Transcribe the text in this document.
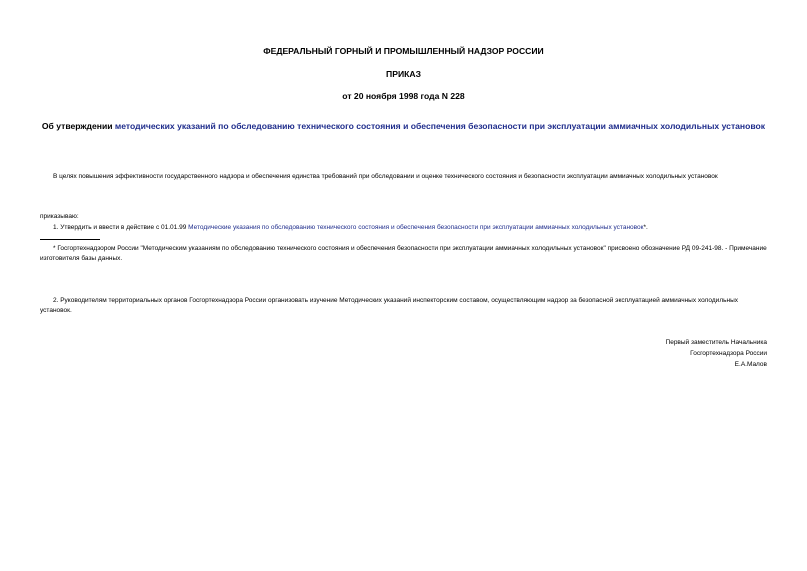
ФЕДЕРАЛЬНЫЙ ГОРНЫЙ И ПРОМЫШЛЕННЫЙ НАДЗОР РОССИИ
ПРИКАЗ
от 20 ноября 1998 года N 228
Об утверждении методических указаний по обследованию технического состояния и обеспечения безопасности при эксплуатации аммиачных холодильных установок
В целях повышения эффективности государственного надзора и обеспечения единства требований при обследовании и оценке технического состояния и безопасности эксплуатации аммиачных холодильных установок
приказываю:
1. Утвердить и ввести в действие с 01.01.99 Методические указания по обследованию технического состояния и обеспечения безопасности при эксплуатации аммиачных холодильных установок*.
* Госгортехнадзором России "Методическим указаниям по обследованию технического состояния и обеспечения безопасности при эксплуатации аммиачных холодильных установок" присвоено обозначение РД 09-241-98. - Примечание изготовителя базы данных.
2. Руководителям территориальных органов Госгортехнадзора России организовать изучение Методических указаний инспекторским составом, осуществляющим надзор за безопасной эксплуатацией аммиачных холодильных установок.
Первый заместитель Начальника
Госгортехнадзора России
Е.А.Малов
